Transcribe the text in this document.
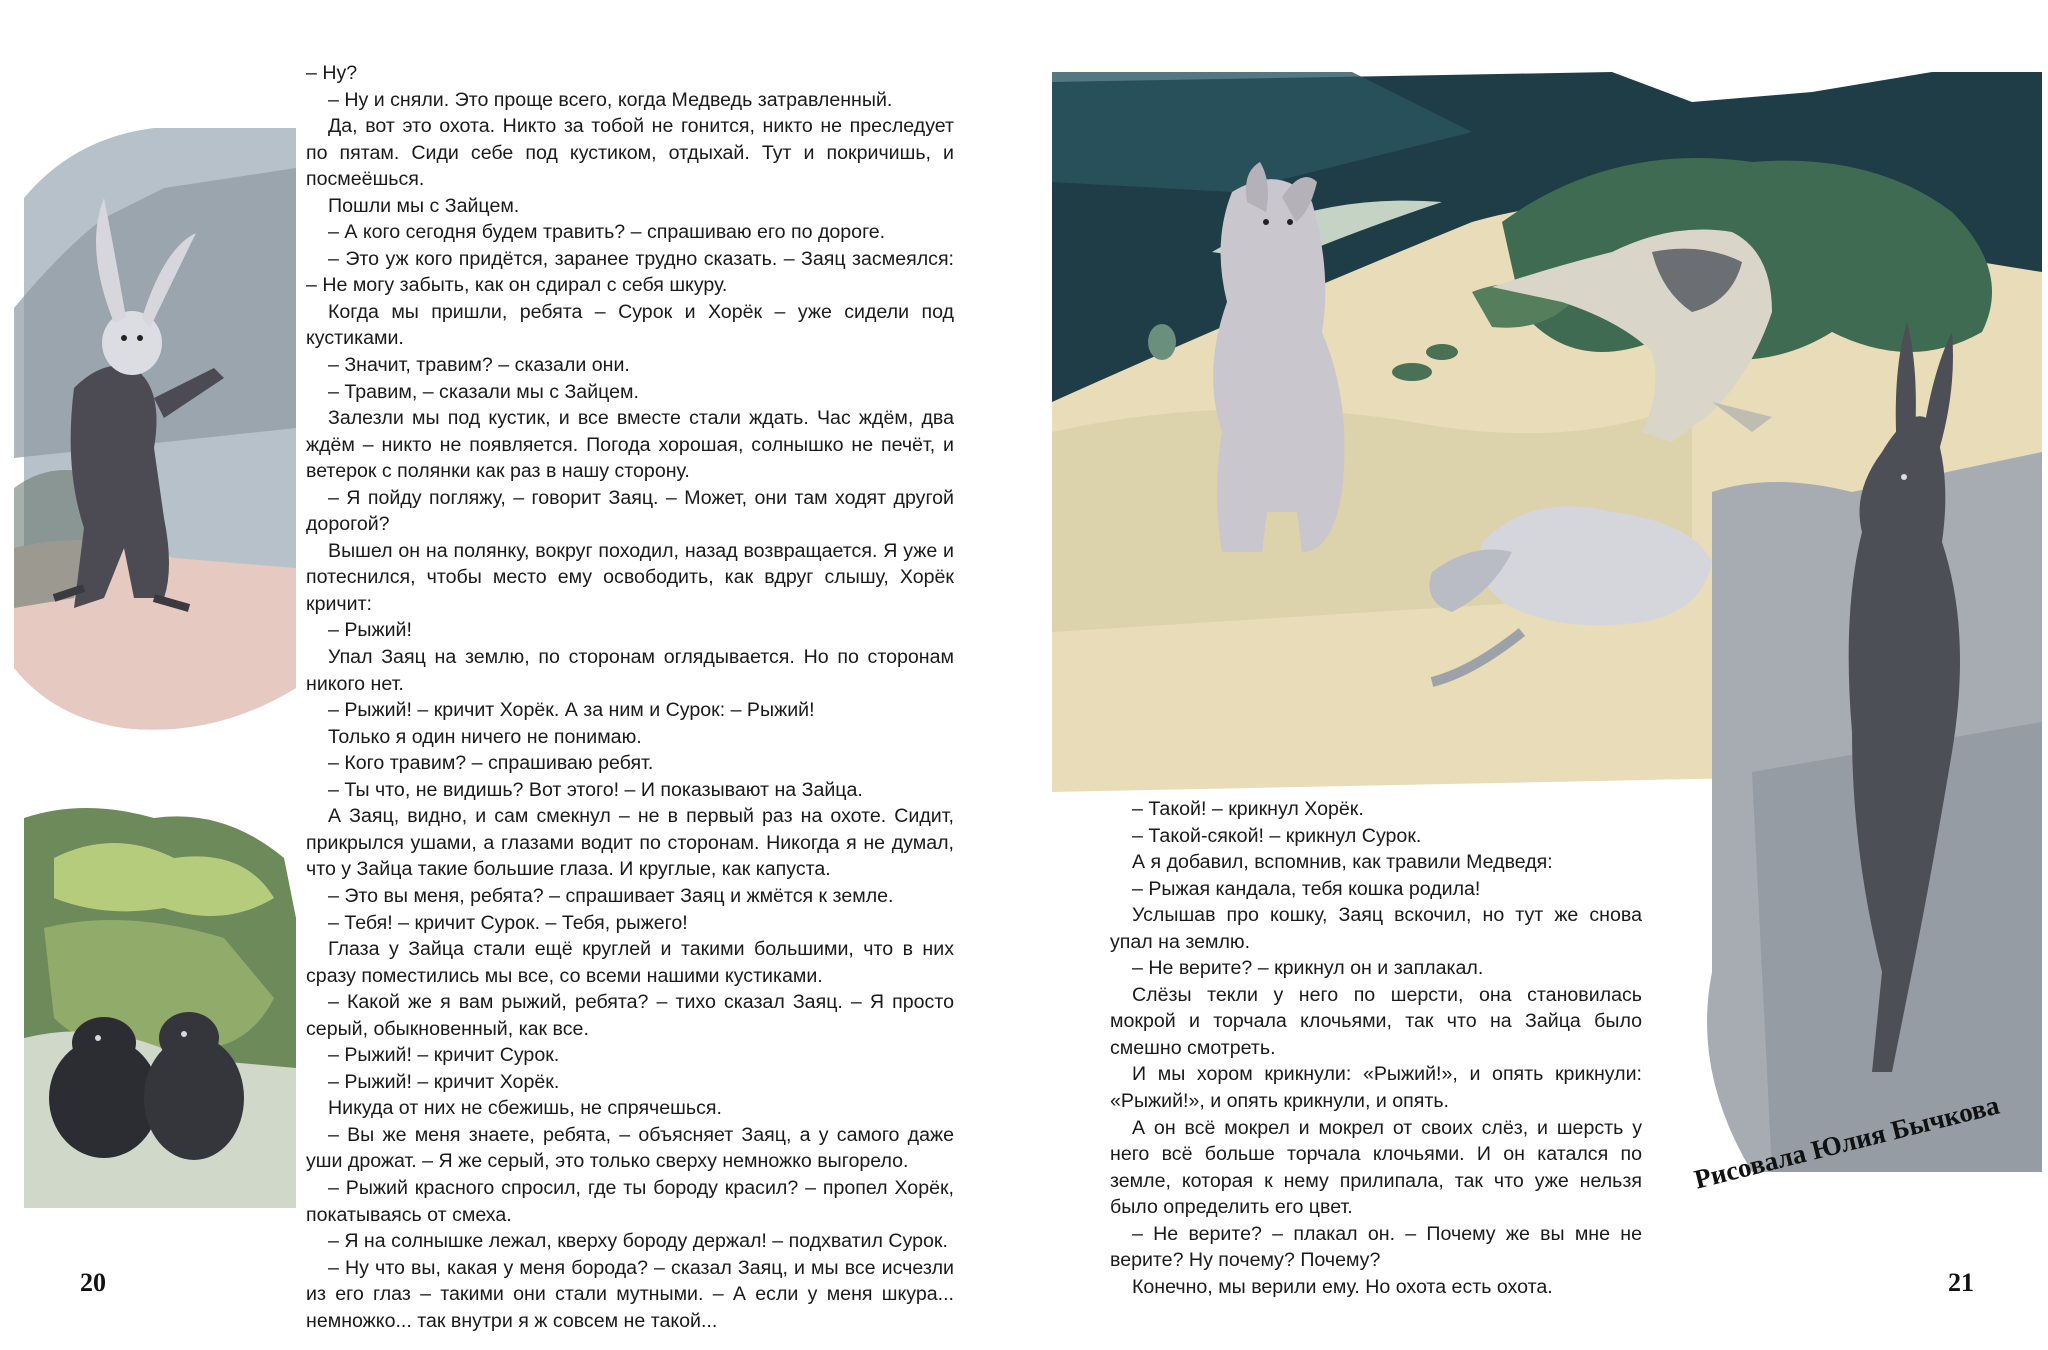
– Ну?

– Ну и сняли. Это проще всего, когда Медведь затравленный.

Да, вот это охота. Никто за тобой не гонится, никто не преследует по пятам. Сиди себе под кустиком, отдыхай. Тут и покричишь, и посмеёшься.

Пошли мы с Зайцем.

– А кого сегодня будем травить? – спрашиваю его по дороге.

– Это уж кого придётся, заранее трудно сказать. – Заяц засмеялся: – Не могу забыть, как он сдирал с себя шкуру.

Когда мы пришли, ребята – Сурок и Хорёк – уже сидели под кустиками.

– Значит, травим? – сказали они.

– Травим, – сказали мы с Зайцем.

Залезли мы под кустик, и все вместе стали ждать. Час ждём, два ждём – никто не появляется. Погода хорошая, солнышко не печёт, и ветерок с полянки как раз в нашу сторону.

– Я пойду погляжу, – говорит Заяц. – Может, они там ходят другой дорогой?

Вышел он на полянку, вокруг походил, назад возвращается. Я уже и потеснился, чтобы место ему освободить, как вдруг слышу, Хорёк кричит:

– Рыжий!

Упал Заяц на землю, по сторонам оглядывается. Но по сторонам никого нет.

– Рыжий! – кричит Хорёк. А за ним и Сурок: – Рыжий!

Только я один ничего не понимаю.

– Кого травим? – спрашиваю ребят.

– Ты что, не видишь? Вот этого! – И показывают на Зайца.

А Заяц, видно, и сам смекнул – не в первый раз на охоте. Сидит, прикрылся ушами, а глазами водит по сторонам. Никогда я не думал, что у Зайца такие большие глаза. И круглые, как капуста.

– Это вы меня, ребята? – спрашивает Заяц и жмётся к земле.

– Тебя! – кричит Сурок. – Тебя, рыжего!

Глаза у Зайца стали ещё круглей и такими большими, что в них сразу поместились мы все, со всеми нашими кустиками.

– Какой же я вам рыжий, ребята? – тихо сказал Заяц. – Я просто серый, обыкновенный, как все.

– Рыжий! – кричит Сурок.

– Рыжий! – кричит Хорёк.

Никуда от них не сбежишь, не спрячешься.

– Вы же меня знаете, ребята, – объясняет Заяц, а у самого даже уши дрожат. – Я же серый, это только сверху немножко выгорело.

– Рыжий красного спросил, где ты бороду красил? – пропел Хорёк, покатываясь от смеха.

– Я на солнышке лежал, кверху бороду держал! – подхватил Сурок.

– Ну что вы, какая у меня борода? – сказал Заяц, и мы все исчезли из его глаз – такими они стали мутными. – А если у меня шкура... немножко... так внутри я ж совсем не такой...

20

– Такой! – крикнул Хорёк.

– Такой-сякой! – крикнул Сурок.

А я добавил, вспомнив, как травили Медведя:

– Рыжая кандала, тебя кошка родила!

Услышав про кошку, Заяц вскочил, но тут же снова упал на землю.

– Не верите? – крикнул он и заплакал.

Слёзы текли у него по шерсти, она становилась мокрой и торчала клочьями, так что на Зайца было смешно смотреть.

И мы хором крикнули: «Рыжий!», и опять крикнули: «Рыжий!», и опять крикнули, и опять.

А он всё мокрел и мокрел от своих слёз, и шерсть у него всё больше торчала клочьями. И он катался по земле, которая к нему прилипала, так что уже нельзя было определить его цвет.

– Не верите? – плакал он. – Почему же вы мне не верите? Ну почему? Почему?

Конечно, мы верили ему. Но охота есть охота.

Рисовала Юлия Бычкова
21
